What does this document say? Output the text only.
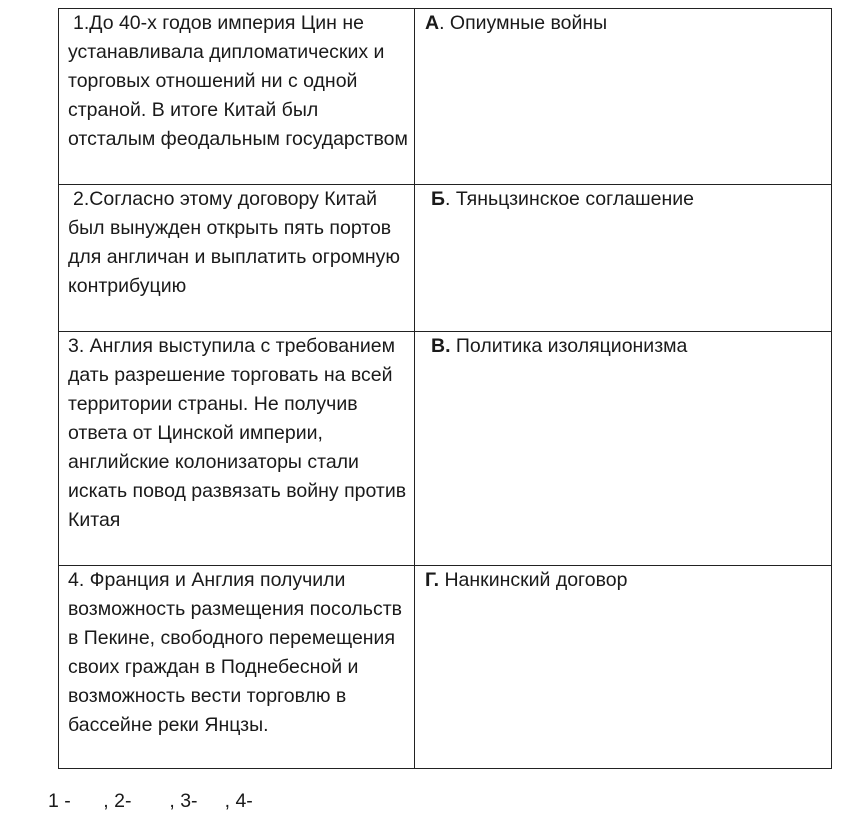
1.До 40-х годов империя Цин не устанавливала дипломатических и торговых отношений ни с одной страной. В итоге Китай был отсталым феодальным государством	А. Опиумные войны

2.Согласно этому договору Китай был вынужден открыть пять портов для англичан и выплатить огромную контрибуцию	Б. Тяньцзинское соглашение

3. Англия выступила с требованием дать разрешение торговать на всей территории страны. Не получив ответа от Цинской империи, английские колонизаторы стали искать повод развязать войну против Китая	В. Политика изоляционизма

4. Франция и Англия получили возможность размещения посольств в Пекине, свободного перемещения своих граждан в Поднебесной и возможность вести торговлю в бассейне реки Янцзы.	Г. Нанкинский договор
1 -      , 2-       , 3-     , 4-
